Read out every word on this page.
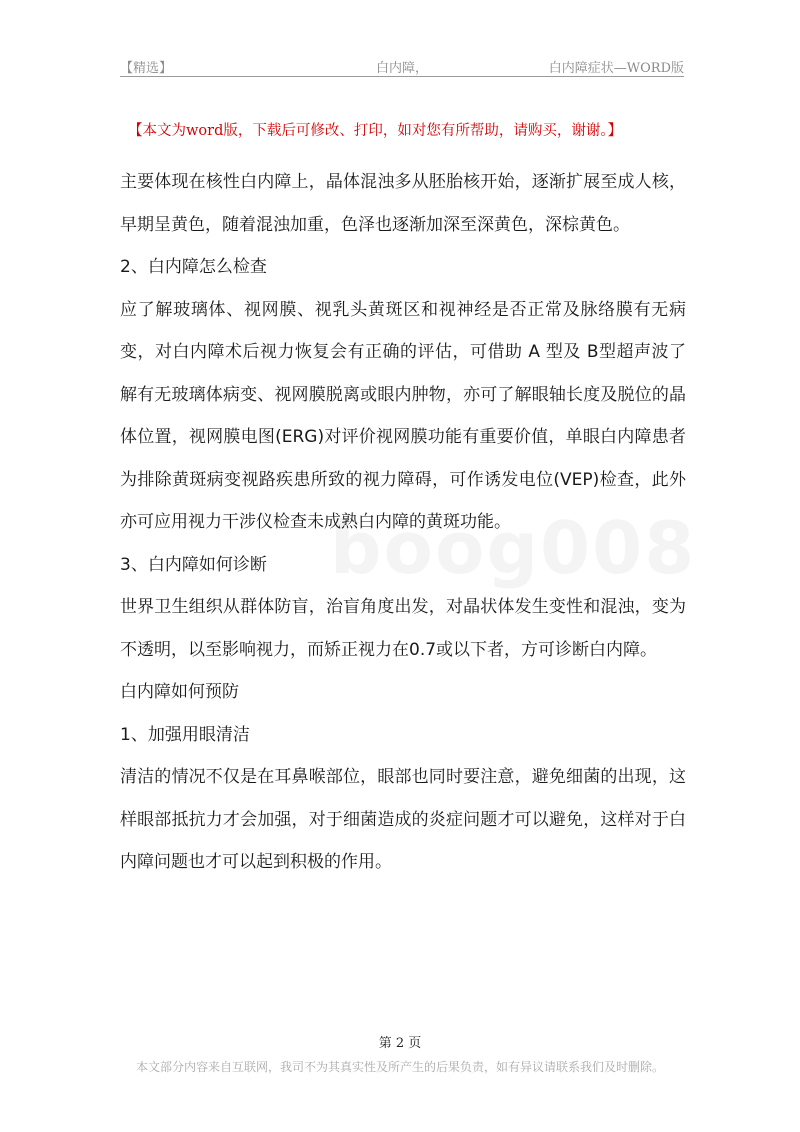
【精选】	白内障，	白内障症状—WORD版
【本文为word版，下载后可修改、打印，如对您有所帮助，请购买，谢谢。】

主要体现在核性白内障上，晶体混浊多从胚胎核开始，逐渐扩展至成人核，早期呈黄色，随着混浊加重，色泽也逐渐加深至深黄色，深棕黄色。

2、白内障怎么检查

应了解玻璃体、视网膜、视乳头黄斑区和视神经是否正常及脉络膜有无病变，对白内障术后视力恢复会有正确的评估，可借助 A 型及 B型超声波了解有无玻璃体病变、视网膜脱离或眼内肿物，亦可了解眼轴长度及脱位的晶体位置，视网膜电图(ERG)对评价视网膜功能有重要价值，单眼白内障患者为排除黄斑病变视路疾患所致的视力障碍，可作诱发电位(VEP)检查，此外亦可应用视力干涉仪检查未成熟白内障的黄斑功能。

3、白内障如何诊断

世界卫生组织从群体防盲，治盲角度出发，对晶状体发生变性和混浊，变为不透明，以至影响视力，而矫正视力在0.7或以下者，方可诊断白内障。

白内障如何预防

1、加强用眼清洁

清洁的情况不仅是在耳鼻喉部位，眼部也同时要注意，避免细菌的出现，这样眼部抵抗力才会加强，对于细菌造成的炎症问题才可以避免，这样对于白内障问题也才可以起到积极的作用。

第 2 页
本文部分内容来自互联网，我司不为其真实性及所产生的后果负责，如有异议请联系我们及时删除。
